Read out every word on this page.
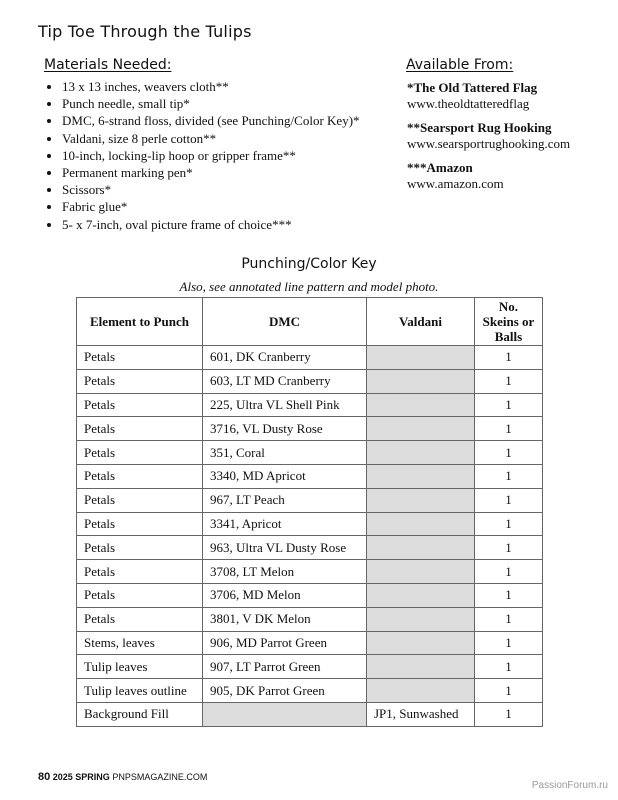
Tip Toe Through the Tulips
Materials Needed:
• 13 x 13 inches, weavers cloth**
• Punch needle, small tip*
• DMC, 6-strand floss, divided (see Punching/Color Key)*
• Valdani, size 8 perle cotton**
• 10-inch, locking-lip hoop or gripper frame**
• Permanent marking pen*
• Scissors*
• Fabric glue*
• 5- x 7-inch, oval picture frame of choice***
Available From:
*The Old Tattered Flag
www.theoldtatteredflag
**Searsport Rug Hooking
www.searsportrughooking.com
***Amazon
www.amazon.com
Punching/Color Key
Also, see annotated line pattern and model photo.
Element to Punch	DMC	Valdani	No. Skeins or Balls
Petals	601, DK Cranberry		1
Petals	603, LT MD Cranberry		1
Petals	225, Ultra VL Shell Pink		1
Petals	3716, VL Dusty Rose		1
Petals	351, Coral		1
Petals	3340, MD Apricot		1
Petals	967, LT Peach		1
Petals	3341, Apricot		1
Petals	963, Ultra VL Dusty Rose		1
Petals	3708, LT Melon		1
Petals	3706, MD Melon		1
Petals	3801, V DK Melon		1
Stems, leaves	906, MD Parrot Green		1
Tulip leaves	907, LT Parrot Green		1
Tulip leaves outline	905, DK Parrot Green		1
Background Fill		JP1, Sunwashed	1
80 2025 SPRING PNPSMAGAZINE.COM
PassionForum.ru
